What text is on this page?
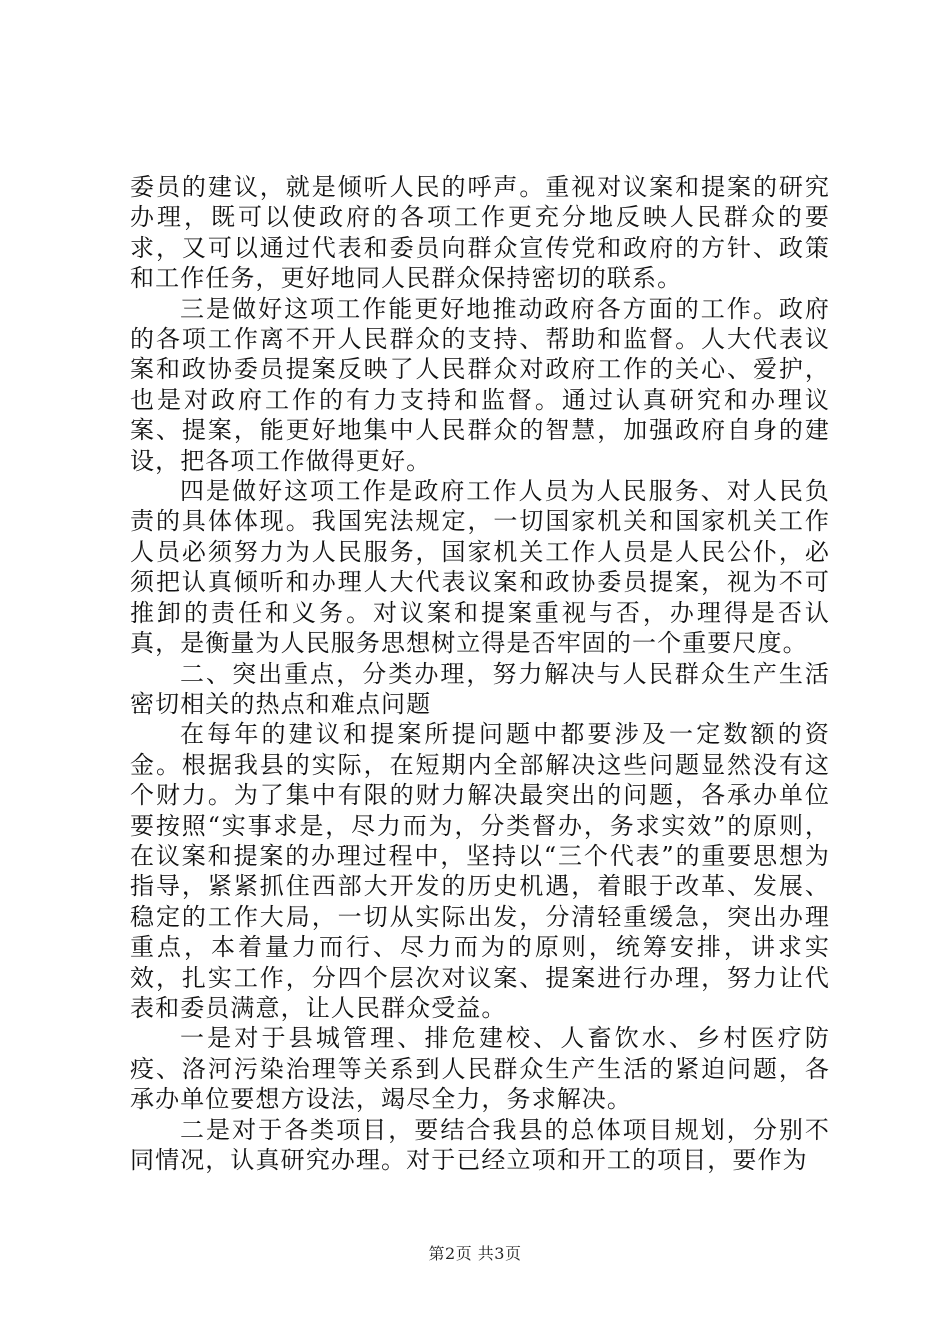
委员的建议，就是倾听人民的呼声。重视对议案和提案的研究办理，既可以使政府的各项工作更充分地反映人民群众的要求，又可以通过代表和委员向群众宣传党和政府的方针、政策和工作任务，更好地同人民群众保持密切的联系。

三是做好这项工作能更好地推动政府各方面的工作。政府的各项工作离不开人民群众的支持、帮助和监督。人大代表议案和政协委员提案反映了人民群众对政府工作的关心、爱护，也是对政府工作的有力支持和监督。通过认真研究和办理议案、提案，能更好地集中人民群众的智慧，加强政府自身的建设，把各项工作做得更好。

四是做好这项工作是政府工作人员为人民服务、对人民负责的具体体现。我国宪法规定，一切国家机关和国家机关工作人员必须努力为人民服务，国家机关工作人员是人民公仆，必须把认真倾听和办理人大代表议案和政协委员提案，视为不可推卸的责任和义务。对议案和提案重视与否，办理得是否认真，是衡量为人民服务思想树立得是否牢固的一个重要尺度。

二、突出重点，分类办理，努力解决与人民群众生产生活密切相关的热点和难点问题

在每年的建议和提案所提问题中都要涉及一定数额的资金。根据我县的实际，在短期内全部解决这些问题显然没有这个财力。为了集中有限的财力解决最突出的问题，各承办单位要按照“实事求是，尽力而为，分类督办，务求实效”的原则，在议案和提案的办理过程中，坚持以“三个代表”的重要思想为指导，紧紧抓住西部大开发的历史机遇，着眼于改革、发展、稳定的工作大局，一切从实际出发，分清轻重缓急，突出办理重点，本着量力而行、尽力而为的原则，统筹安排，讲求实效，扎实工作，分四个层次对议案、提案进行办理，努力让代表和委员满意，让人民群众受益。

一是对于县城管理、排危建校、人畜饮水、乡村医疗防疫、洛河污染治理等关系到人民群众生产生活的紧迫问题，各承办单位要想方设法，竭尽全力，务求解决。

二是对于各类项目，要结合我县的总体项目规划，分别不同情况，认真研究办理。对于已经立项和开工的项目，要作为

第2页 共3页
